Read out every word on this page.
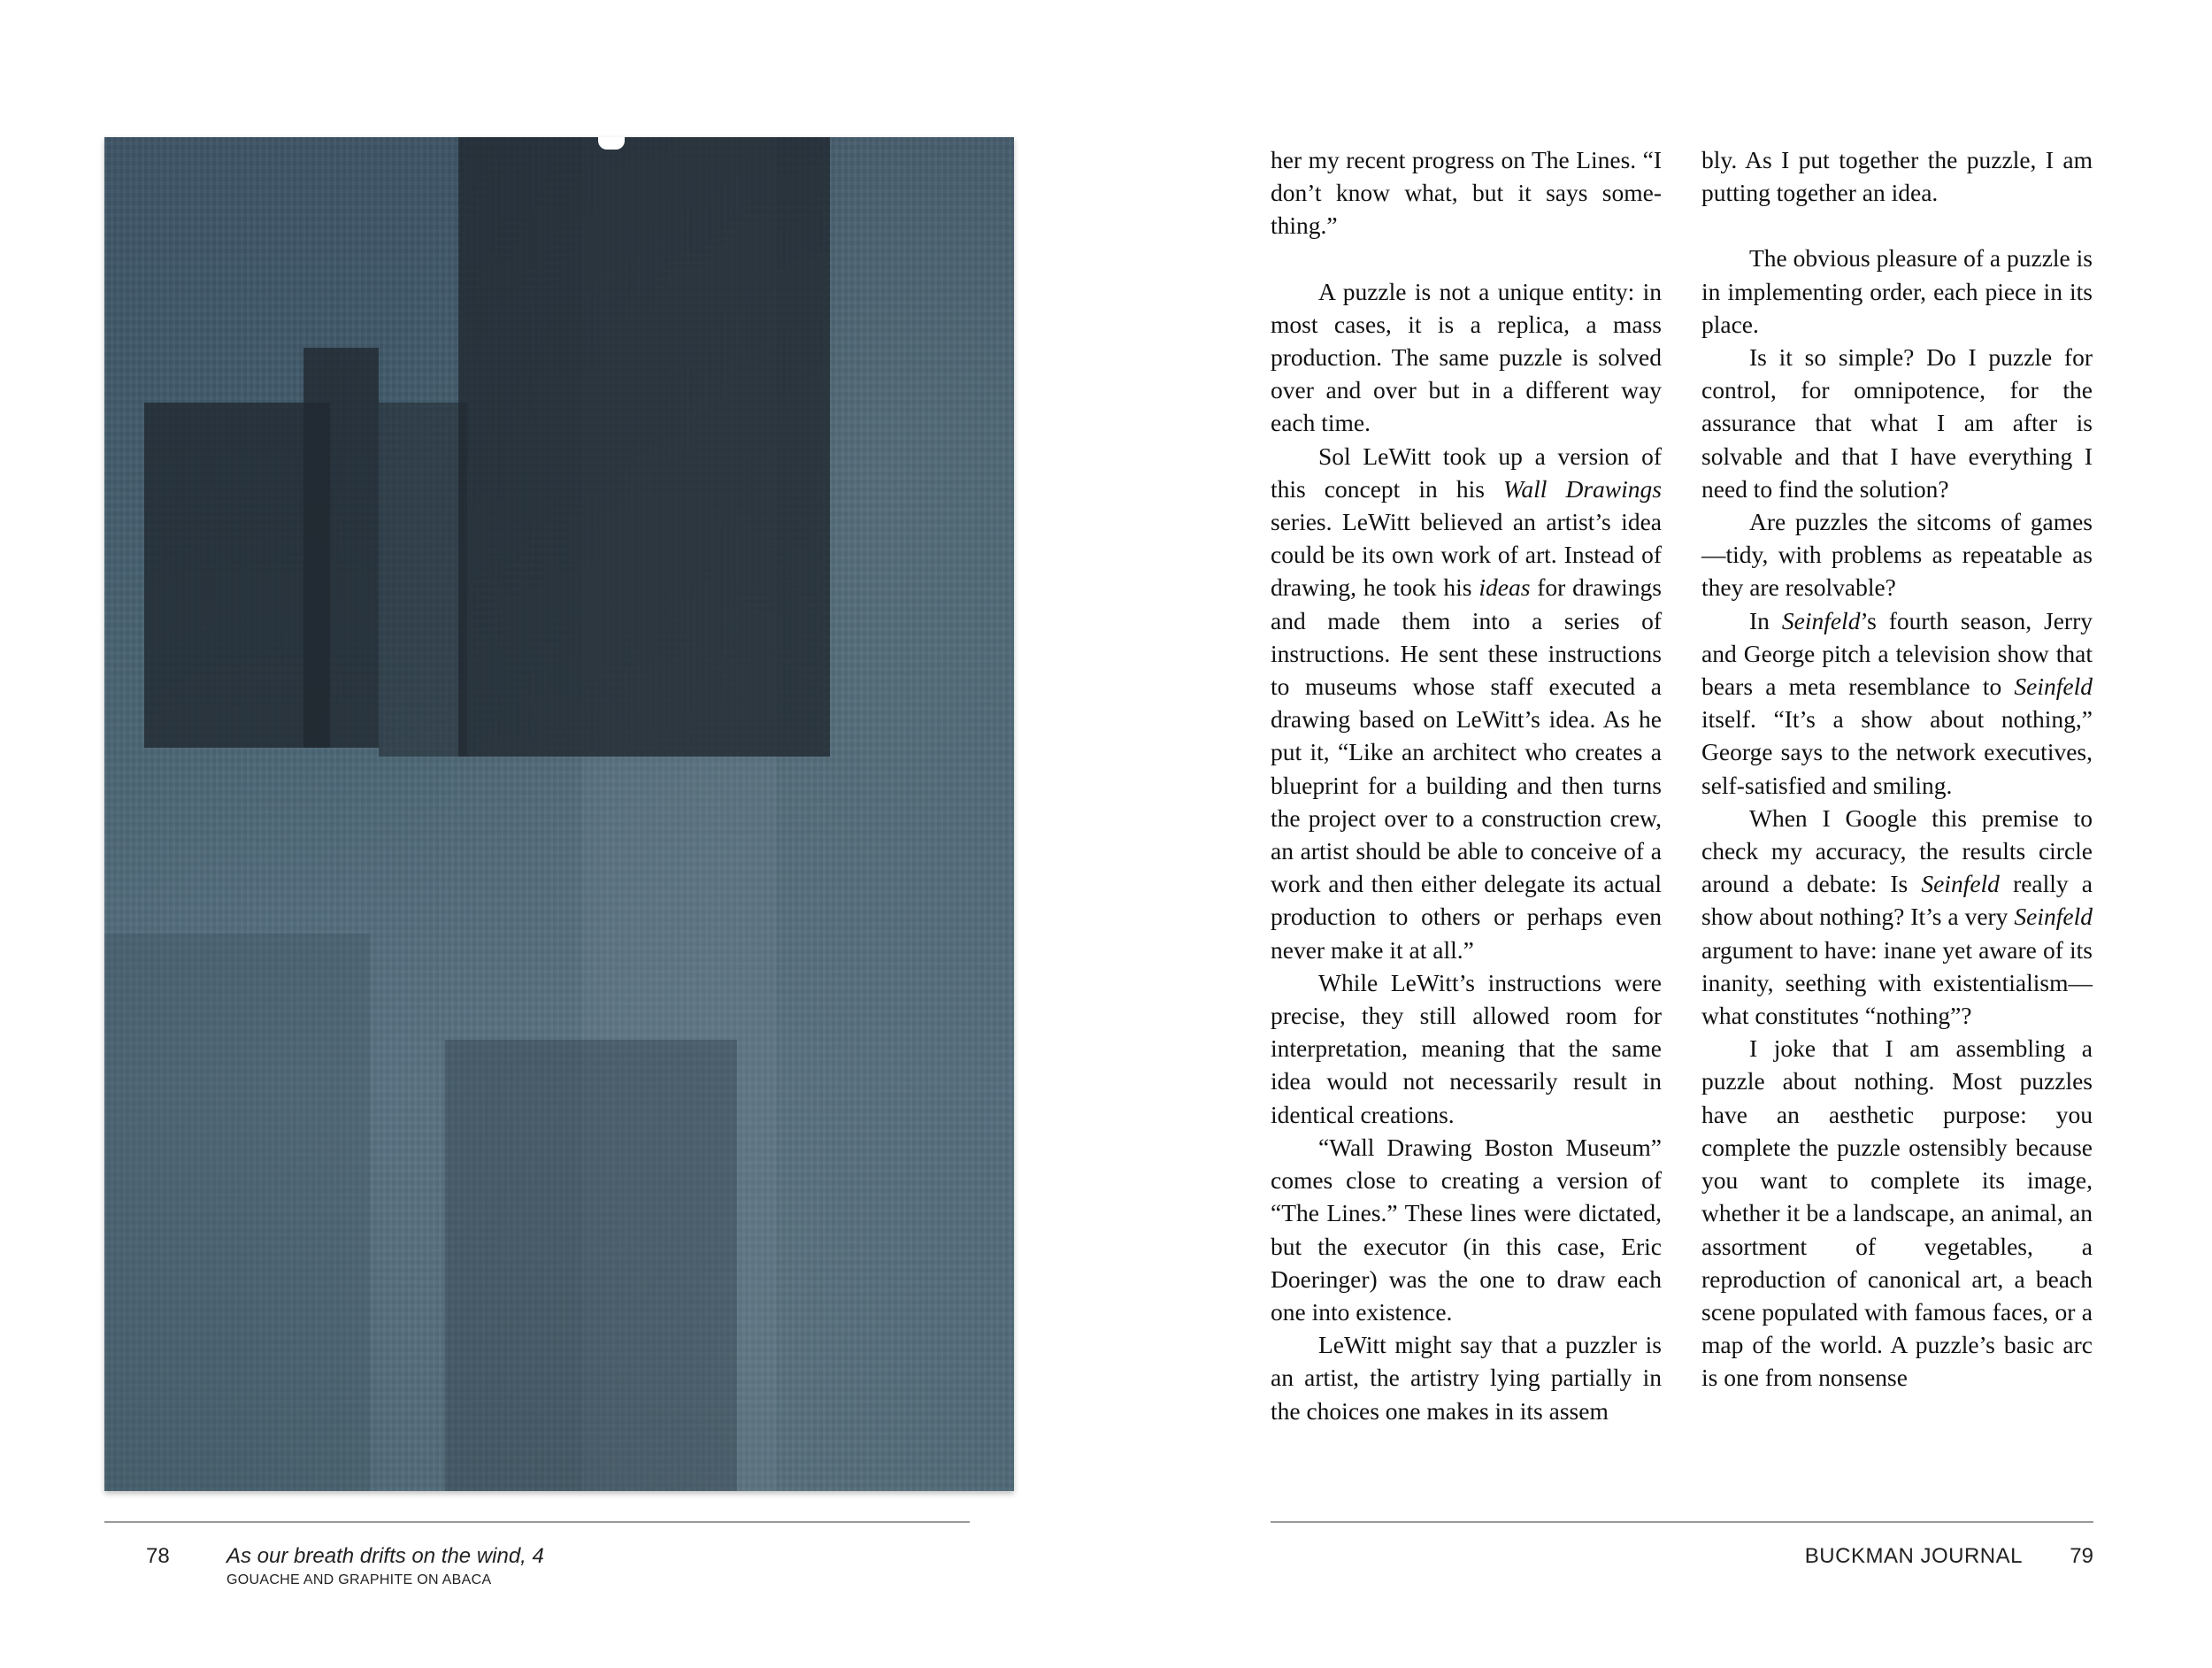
78	As our breath drifts on the wind, 4
GOUACHE AND GRAPHITE ON ABACA

her my recent progress on The Lines. “I don’t know what, but it says something.”

A puzzle is not a unique entity: in most cases, it is a replica, a mass production. The same puzzle is solved over and over but in a different way each time.

Sol LeWitt took up a version of this concept in his Wall Drawings series. LeWitt believed an artist’s idea could be its own work of art. Instead of drawing, he took his ideas for drawings and made them into a series of instructions. He sent these instructions to museums whose staff executed a drawing based on LeWitt’s idea. As he put it, “Like an architect who creates a blueprint for a building and then turns the project over to a construction crew, an artist should be able to conceive of a work and then either delegate its actual production to others or perhaps even never make it at all.”

While LeWitt’s instructions were precise, they still allowed room for interpretation, meaning that the same idea would not necessarily result in identical creations.

“Wall Drawing Boston Museum” comes close to creating a version of “The Lines.” These lines were dictated, but the executor (in this case, Eric Doeringer) was the one to draw each one into existence.

LeWitt might say that a puzzler is an artist, the artistry lying partially in the choices one makes in its assem

bly. As I put together the puzzle, I am putting together an idea.

The obvious pleasure of a puzzle is in implementing order, each piece in its place.

Is it so simple? Do I puzzle for control, for omnipotence, for the assurance that what I am after is solvable and that I have everything I need to find the solution?

Are puzzles the sitcoms of games—tidy, with problems as repeatable as they are resolvable?

In Seinfeld’s fourth season, Jerry and George pitch a television show that bears a meta resemblance to Seinfeld itself. “It’s a show about nothing,” George says to the network executives, self-satisfied and smiling.

When I Google this premise to check my accuracy, the results circle around a debate: Is Seinfeld really a show about nothing? It’s a very Seinfeld argument to have: inane yet aware of its inanity, seething with existentialism—what constitutes “nothing”?

I joke that I am assembling a puzzle about nothing. Most puzzles have an aesthetic purpose: you complete the puzzle ostensibly because you want to complete its image, whether it be a landscape, an animal, an assortment of vegetables, a reproduction of canonical art, a beach scene populated with famous faces, or a map of the world. A puzzle’s basic arc is one from nonsense

BUCKMAN JOURNAL	79
